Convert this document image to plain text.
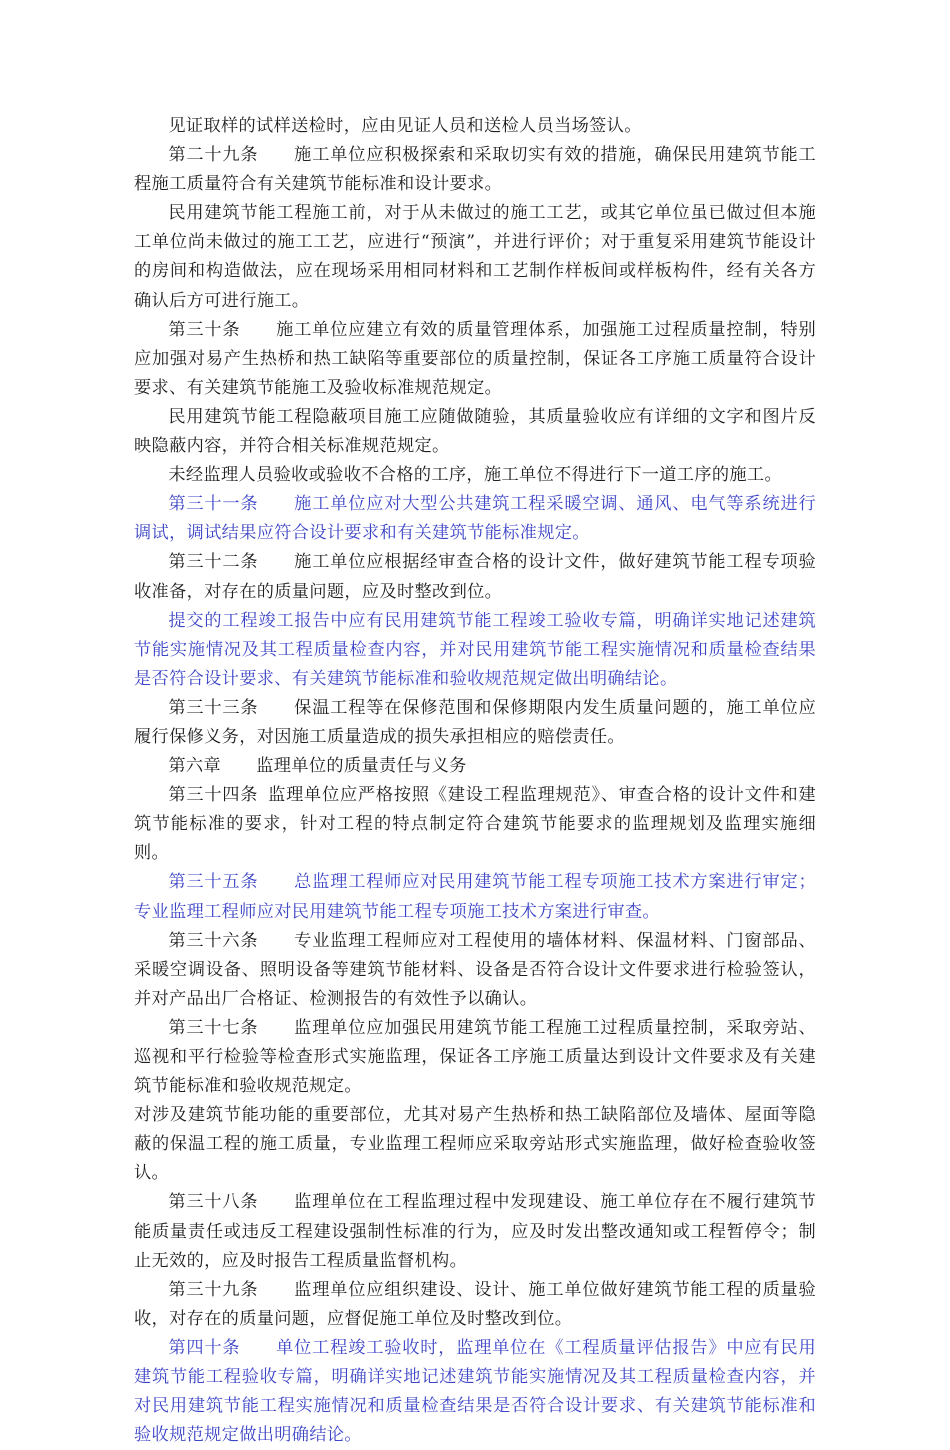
见证取样的试样送检时，应由见证人员和送检人员当场签认。

第二十九条 施工单位应积极探索和采取切实有效的措施，确保民用建筑节能工程施工质量符合有关建筑节能标准和设计要求。

民用建筑节能工程施工前，对于从未做过的施工工艺，或其它单位虽已做过但本施工单位尚未做过的施工工艺，应进行“预演”，并进行评价；对于重复采用建筑节能设计的房间和构造做法，应在现场采用相同材料和工艺制作样板间或样板构件，经有关各方确认后方可进行施工。

第三十条 施工单位应建立有效的质量管理体系，加强施工过程质量控制，特别应加强对易产生热桥和热工缺陷等重要部位的质量控制，保证各工序施工质量符合设计要求、有关建筑节能施工及验收标准规范规定。

民用建筑节能工程隐蔽项目施工应随做随验，其质量验收应有详细的文字和图片反映隐蔽内容，并符合相关标准规范规定。

未经监理人员验收或验收不合格的工序，施工单位不得进行下一道工序的施工。

第三十一条 施工单位应对大型公共建筑工程采暖空调、通风、电气等系统进行调试，调试结果应符合设计要求和有关建筑节能标准规定。

第三十二条 施工单位应根据经审查合格的设计文件，做好建筑节能工程专项验收准备，对存在的质量问题，应及时整改到位。

提交的工程竣工报告中应有民用建筑节能工程竣工验收专篇，明确详实地记述建筑节能实施情况及其工程质量检查内容，并对民用建筑节能工程实施情况和质量检查结果是否符合设计要求、有关建筑节能标准和验收规范规定做出明确结论。

第三十三条 保温工程等在保修范围和保修期限内发生质量问题的，施工单位应履行保修义务，对因施工质量造成的损失承担相应的赔偿责任。

第六章 监理单位的质量责任与义务

第三十四条 监理单位应严格按照《建设工程监理规范》、审查合格的设计文件和建筑节能标准的要求，针对工程的特点制定符合建筑节能要求的监理规划及监理实施细则。

第三十五条 总监理工程师应对民用建筑节能工程专项施工技术方案进行审定；专业监理工程师应对民用建筑节能工程专项施工技术方案进行审查。

第三十六条 专业监理工程师应对工程使用的墙体材料、保温材料、门窗部品、采暖空调设备、照明设备等建筑节能材料、设备是否符合设计文件要求进行检验签认，并对产品出厂合格证、检测报告的有效性予以确认。

第三十七条 监理单位应加强民用建筑节能工程施工过程质量控制，采取旁站、巡视和平行检验等检查形式实施监理，保证各工序施工质量达到设计文件要求及有关建筑节能标准和验收规范规定。

对涉及建筑节能功能的重要部位，尤其对易产生热桥和热工缺陷部位及墙体、屋面等隐蔽的保温工程的施工质量，专业监理工程师应采取旁站形式实施监理，做好检查验收签认。

第三十八条 监理单位在工程监理过程中发现建设、施工单位存在不履行建筑节能质量责任或违反工程建设强制性标准的行为，应及时发出整改通知或工程暂停令；制止无效的，应及时报告工程质量监督机构。

第三十九条 监理单位应组织建设、设计、施工单位做好建筑节能工程的质量验收，对存在的质量问题，应督促施工单位及时整改到位。

第四十条 单位工程竣工验收时，监理单位在《工程质量评估报告》中应有民用建筑节能工程验收专篇，明确详实地记述建筑节能实施情况及其工程质量检查内容，并对民用建筑节能工程实施情况和质量检查结果是否符合设计要求、有关建筑节能标准和验收规范规定做出明确结论。
